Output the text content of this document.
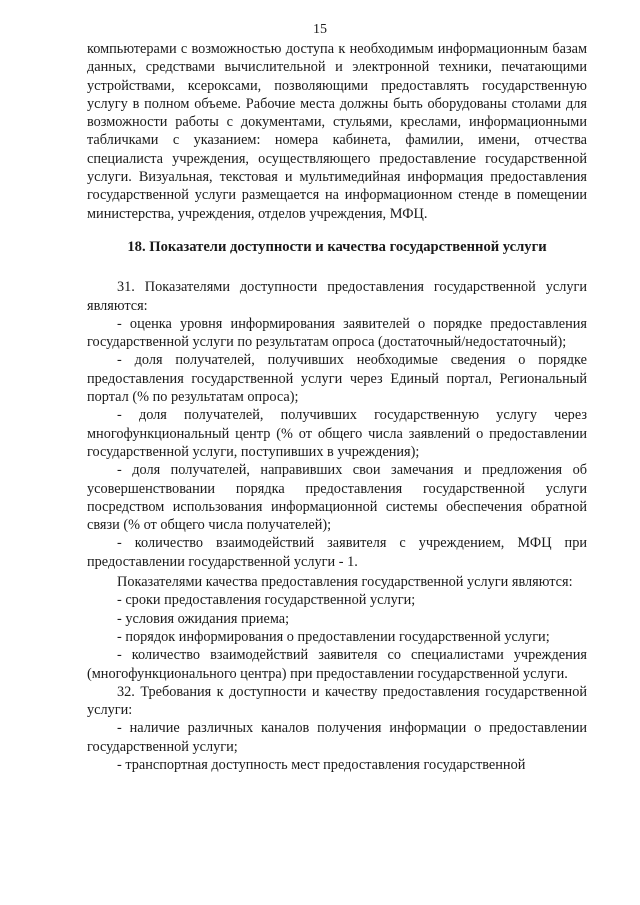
15

компьютерами с возможностью доступа к необходимым информационным базам данных, средствами вычислительной и электронной техники, печатающими устройствами, ксероксами, позволяющими предоставлять государственную услугу в полном объеме. Рабочие места должны быть оборудованы столами для возможности работы с документами, стульями, креслами, информационными табличками с указанием: номера кабинета, фамилии, имени, отчества специалиста учреждения, осуществляющего предоставление государственной услуги. Визуальная, текстовая и мультимедийная информация предоставления государственной услуги размещается на информационном стенде в помещении министерства, учреждения, отделов учреждения, МФЦ.

18. Показатели доступности и качества государственной услуги

31. Показателями доступности предоставления государственной услуги являются:

- оценка уровня информирования заявителей о порядке предоставления государственной услуги по результатам опроса (достаточный/недостаточный);

- доля получателей, получивших необходимые сведения о порядке предоставления государственной услуги через Единый портал, Региональный портал (% по результатам опроса);

- доля получателей, получивших государственную услугу через многофункциональный центр (% от общего числа заявлений о предоставлении государственной услуги, поступивших в учреждения);

- доля получателей, направивших свои замечания и предложения об усовершенствовании порядка предоставления государственной услуги посредством использования информационной системы обеспечения обратной связи (% от общего числа получателей);

- количество взаимодействий заявителя с учреждением, МФЦ при предоставлении государственной услуги - 1.

Показателями качества предоставления государственной услуги являются:

- сроки предоставления государственной услуги;

- условия ожидания приема;

- порядок информирования о предоставлении государственной услуги;

- количество взаимодействий заявителя со специалистами учреждения (многофункционального центра) при предоставлении государственной услуги.

32. Требования к доступности и качеству предоставления государственной услуги:

- наличие различных каналов получения информации о предоставлении государственной услуги;

- транспортная доступность мест предоставления государственной
